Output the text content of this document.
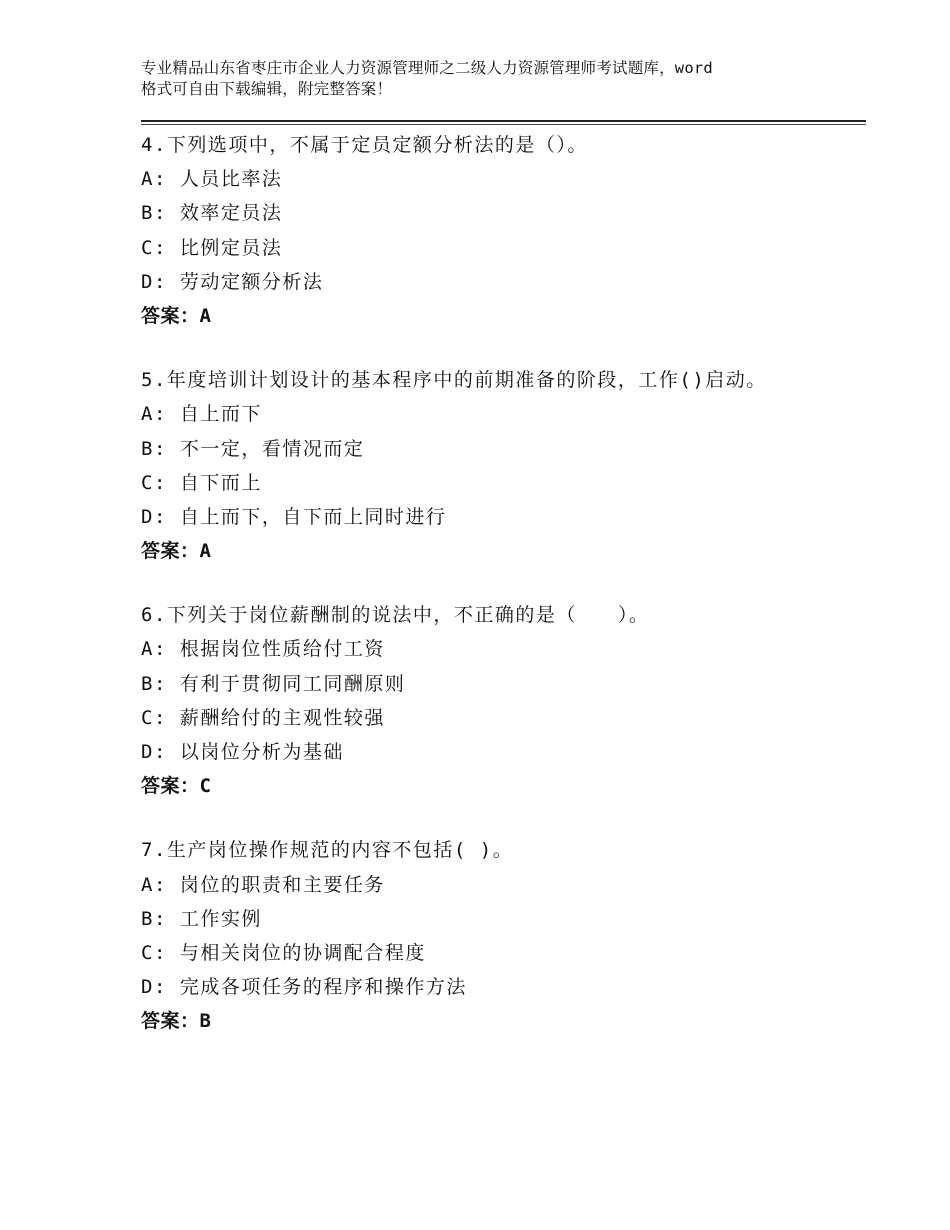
专业精品山东省枣庄市企业人力资源管理师之二级人力资源管理师考试题库，word
格式可自由下载编辑，附完整答案！
4.下列选项中，不属于定员定额分析法的是（）。
A: 人员比率法
B: 效率定员法
C: 比例定员法
D: 劳动定额分析法
答案：A
5.年度培训计划设计的基本程序中的前期准备的阶段，工作()启动。
A: 自上而下
B: 不一定，看情况而定
C: 自下而上
D: 自上而下，自下而上同时进行
答案：A
6.下列关于岗位薪酬制的说法中，不正确的是（　　）。
A: 根据岗位性质给付工资
B: 有利于贯彻同工同酬原则
C: 薪酬给付的主观性较强
D: 以岗位分析为基础
答案：C
7.生产岗位操作规范的内容不包括( )。
A: 岗位的职责和主要任务
B: 工作实例
C: 与相关岗位的协调配合程度
D: 完成各项任务的程序和操作方法
答案：B
